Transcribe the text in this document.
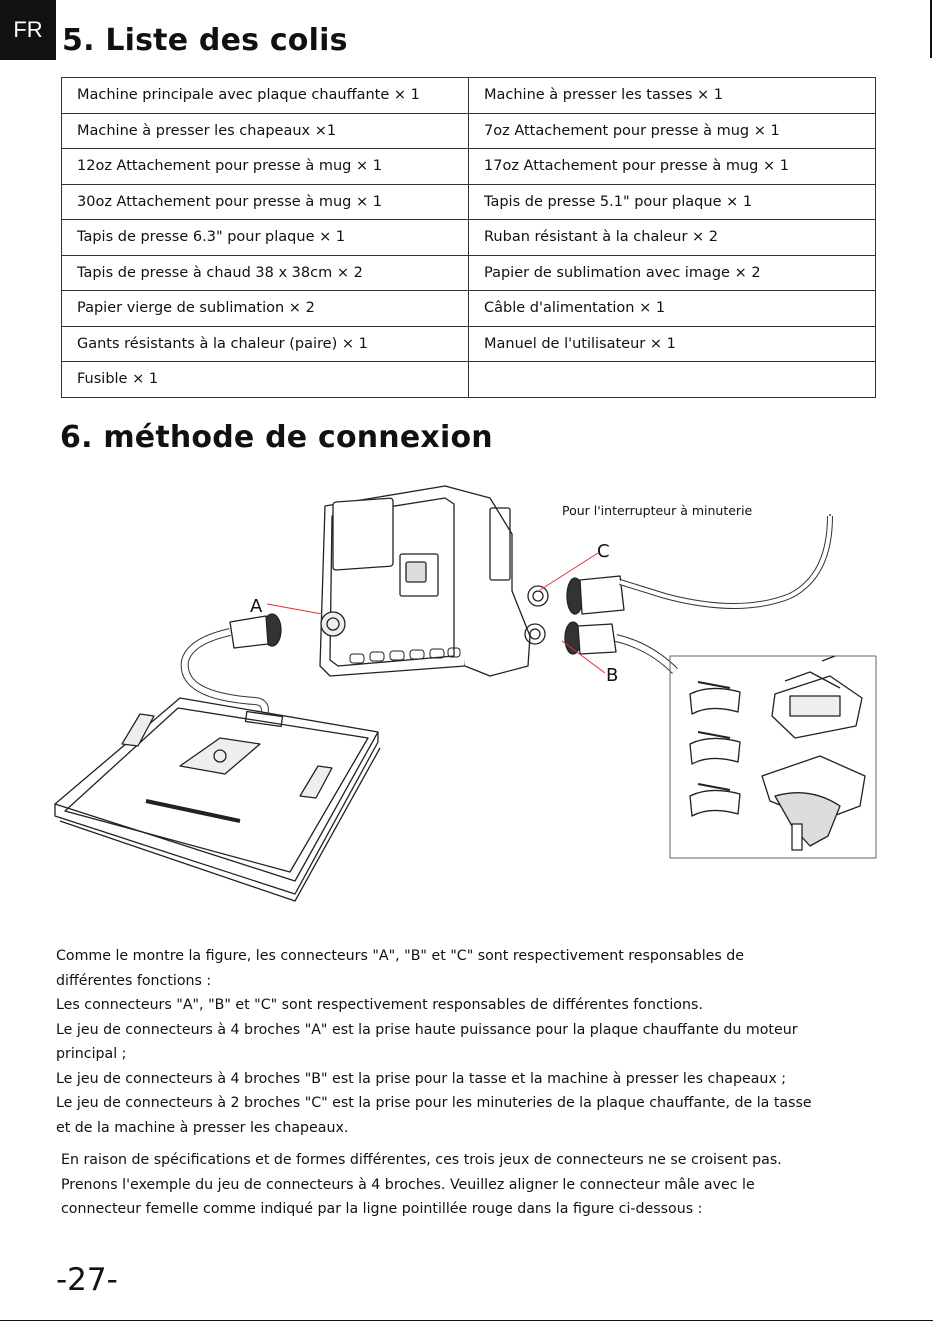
FR 5. Liste des colis
Machine principale avec plaque chauffante × 1	Machine à presser les tasses × 1
Machine à presser les chapeaux ×1	7oz Attachement pour presse à mug × 1
12oz Attachement pour presse à mug × 1	17oz Attachement pour presse à mug × 1
30oz Attachement pour presse à mug × 1	Tapis de presse 5.1" pour plaque × 1
Tapis de presse 6.3" pour plaque × 1	Ruban résistant à la chaleur × 2
Tapis de presse à chaud 38 x 38cm × 2	Papier de sublimation avec image × 2
Papier vierge de sublimation × 2	Câble d'alimentation × 1
Gants résistants à la chaleur (paire) × 1	Manuel de l'utilisateur × 1
Fusible × 1	
6. méthode de connexion
Pour l'interrupteur à minuterie
A
C
B

Comme le montre la figure, les connecteurs "A", "B" et "C" sont respectivement responsables de

différentes fonctions :

Les connecteurs "A", "B" et "C" sont respectivement responsables de différentes fonctions.

Le jeu de connecteurs à 4 broches "A" est la prise haute puissance pour la plaque chauffante du moteur

principal ;

Le jeu de connecteurs à 4 broches "B" est la prise pour la tasse et la machine à presser les chapeaux ;

Le jeu de connecteurs à 2 broches "C" est la prise pour les minuteries de la plaque chauffante, de la tasse

et de la machine à presser les chapeaux.

En raison de spécifications et de formes différentes, ces trois jeux de connecteurs ne se croisent pas.

Prenons l'exemple du jeu de connecteurs à 4 broches. Veuillez aligner le connecteur mâle avec le

connecteur femelle comme indiqué par la ligne pointillée rouge dans la figure ci-dessous :

-27-
